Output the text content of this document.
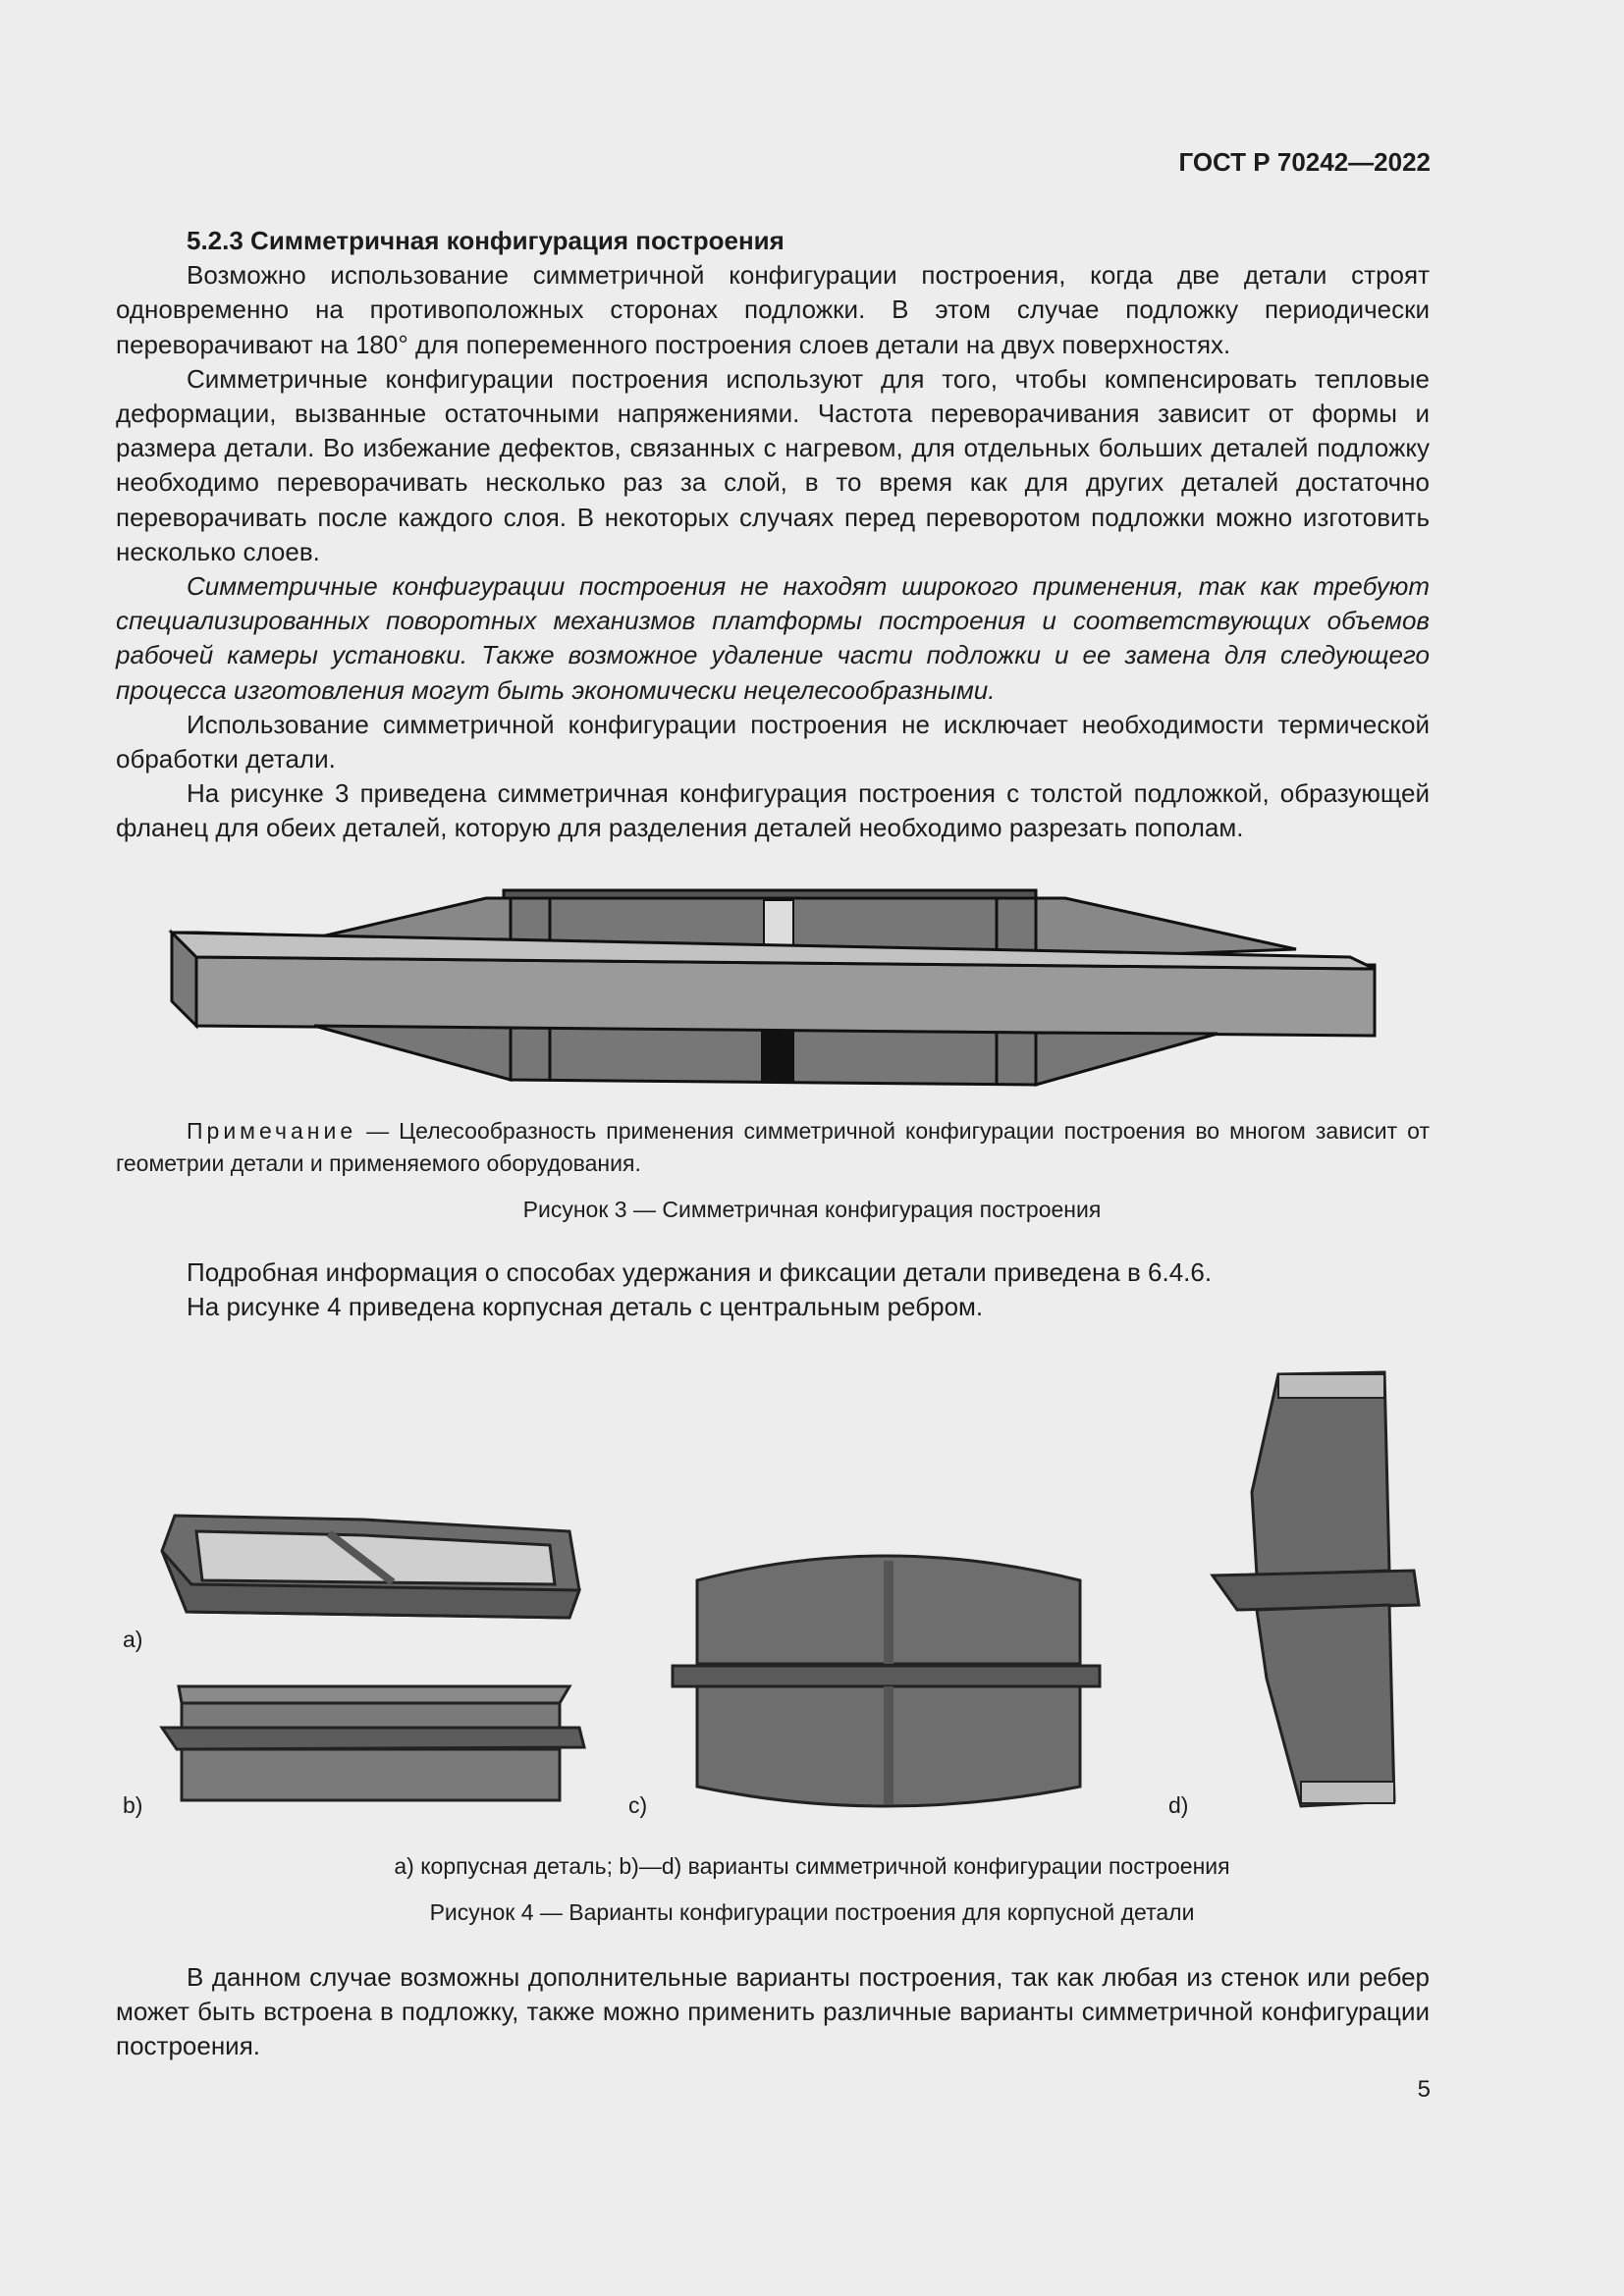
ГОСТ Р 70242—2022

5.2.3 Симметричная конфигурация построения

Возможно использование симметричной конфигурации построения, когда две детали строят одновременно на противоположных сторонах подложки. В этом случае подложку периодически переворачивают на 180° для попеременного построения слоев детали на двух поверхностях.

Симметричные конфигурации построения используют для того, чтобы компенсировать тепловые деформации, вызванные остаточными напряжениями. Частота переворачивания зависит от формы и размера детали. Во избежание дефектов, связанных с нагревом, для отдельных больших деталей подложку необходимо переворачивать несколько раз за слой, в то время как для других деталей достаточно переворачивать после каждого слоя. В некоторых случаях перед переворотом подложки можно изготовить несколько слоев.

Симметричные конфигурации построения не находят широкого применения, так как требуют специализированных поворотных механизмов платформы построения и соответствующих объемов рабочей камеры установки. Также возможное удаление части подложки и ее замена для следующего процесса изготовления могут быть экономически нецелесообразными.

Использование симметричной конфигурации построения не исключает необходимости термической обработки детали.

На рисунке 3 приведена симметричная конфигурация построения с толстой подложкой, образующей фланец для обеих деталей, которую для разделения деталей необходимо разрезать пополам.

Примечание — Целесообразность применения симметричной конфигурации построения во многом зависит от геометрии детали и применяемого оборудования.
Рисунок 3 — Симметричная конфигурация построения

Подробная информация о способах удержания и фиксации детали приведена в 6.4.6.

На рисунке 4 приведена корпусная деталь с центральным ребром.

a)
b)	c)	d)
a) корпусная деталь; b)—d) варианты симметричной конфигурации построения
Рисунок 4 — Варианты конфигурации построения для корпусной детали

В данном случае возможны дополнительные варианты построения, так как любая из стенок или ребер может быть встроена в подложку, также можно применить различные варианты симметричной конфигурации построения.

5
